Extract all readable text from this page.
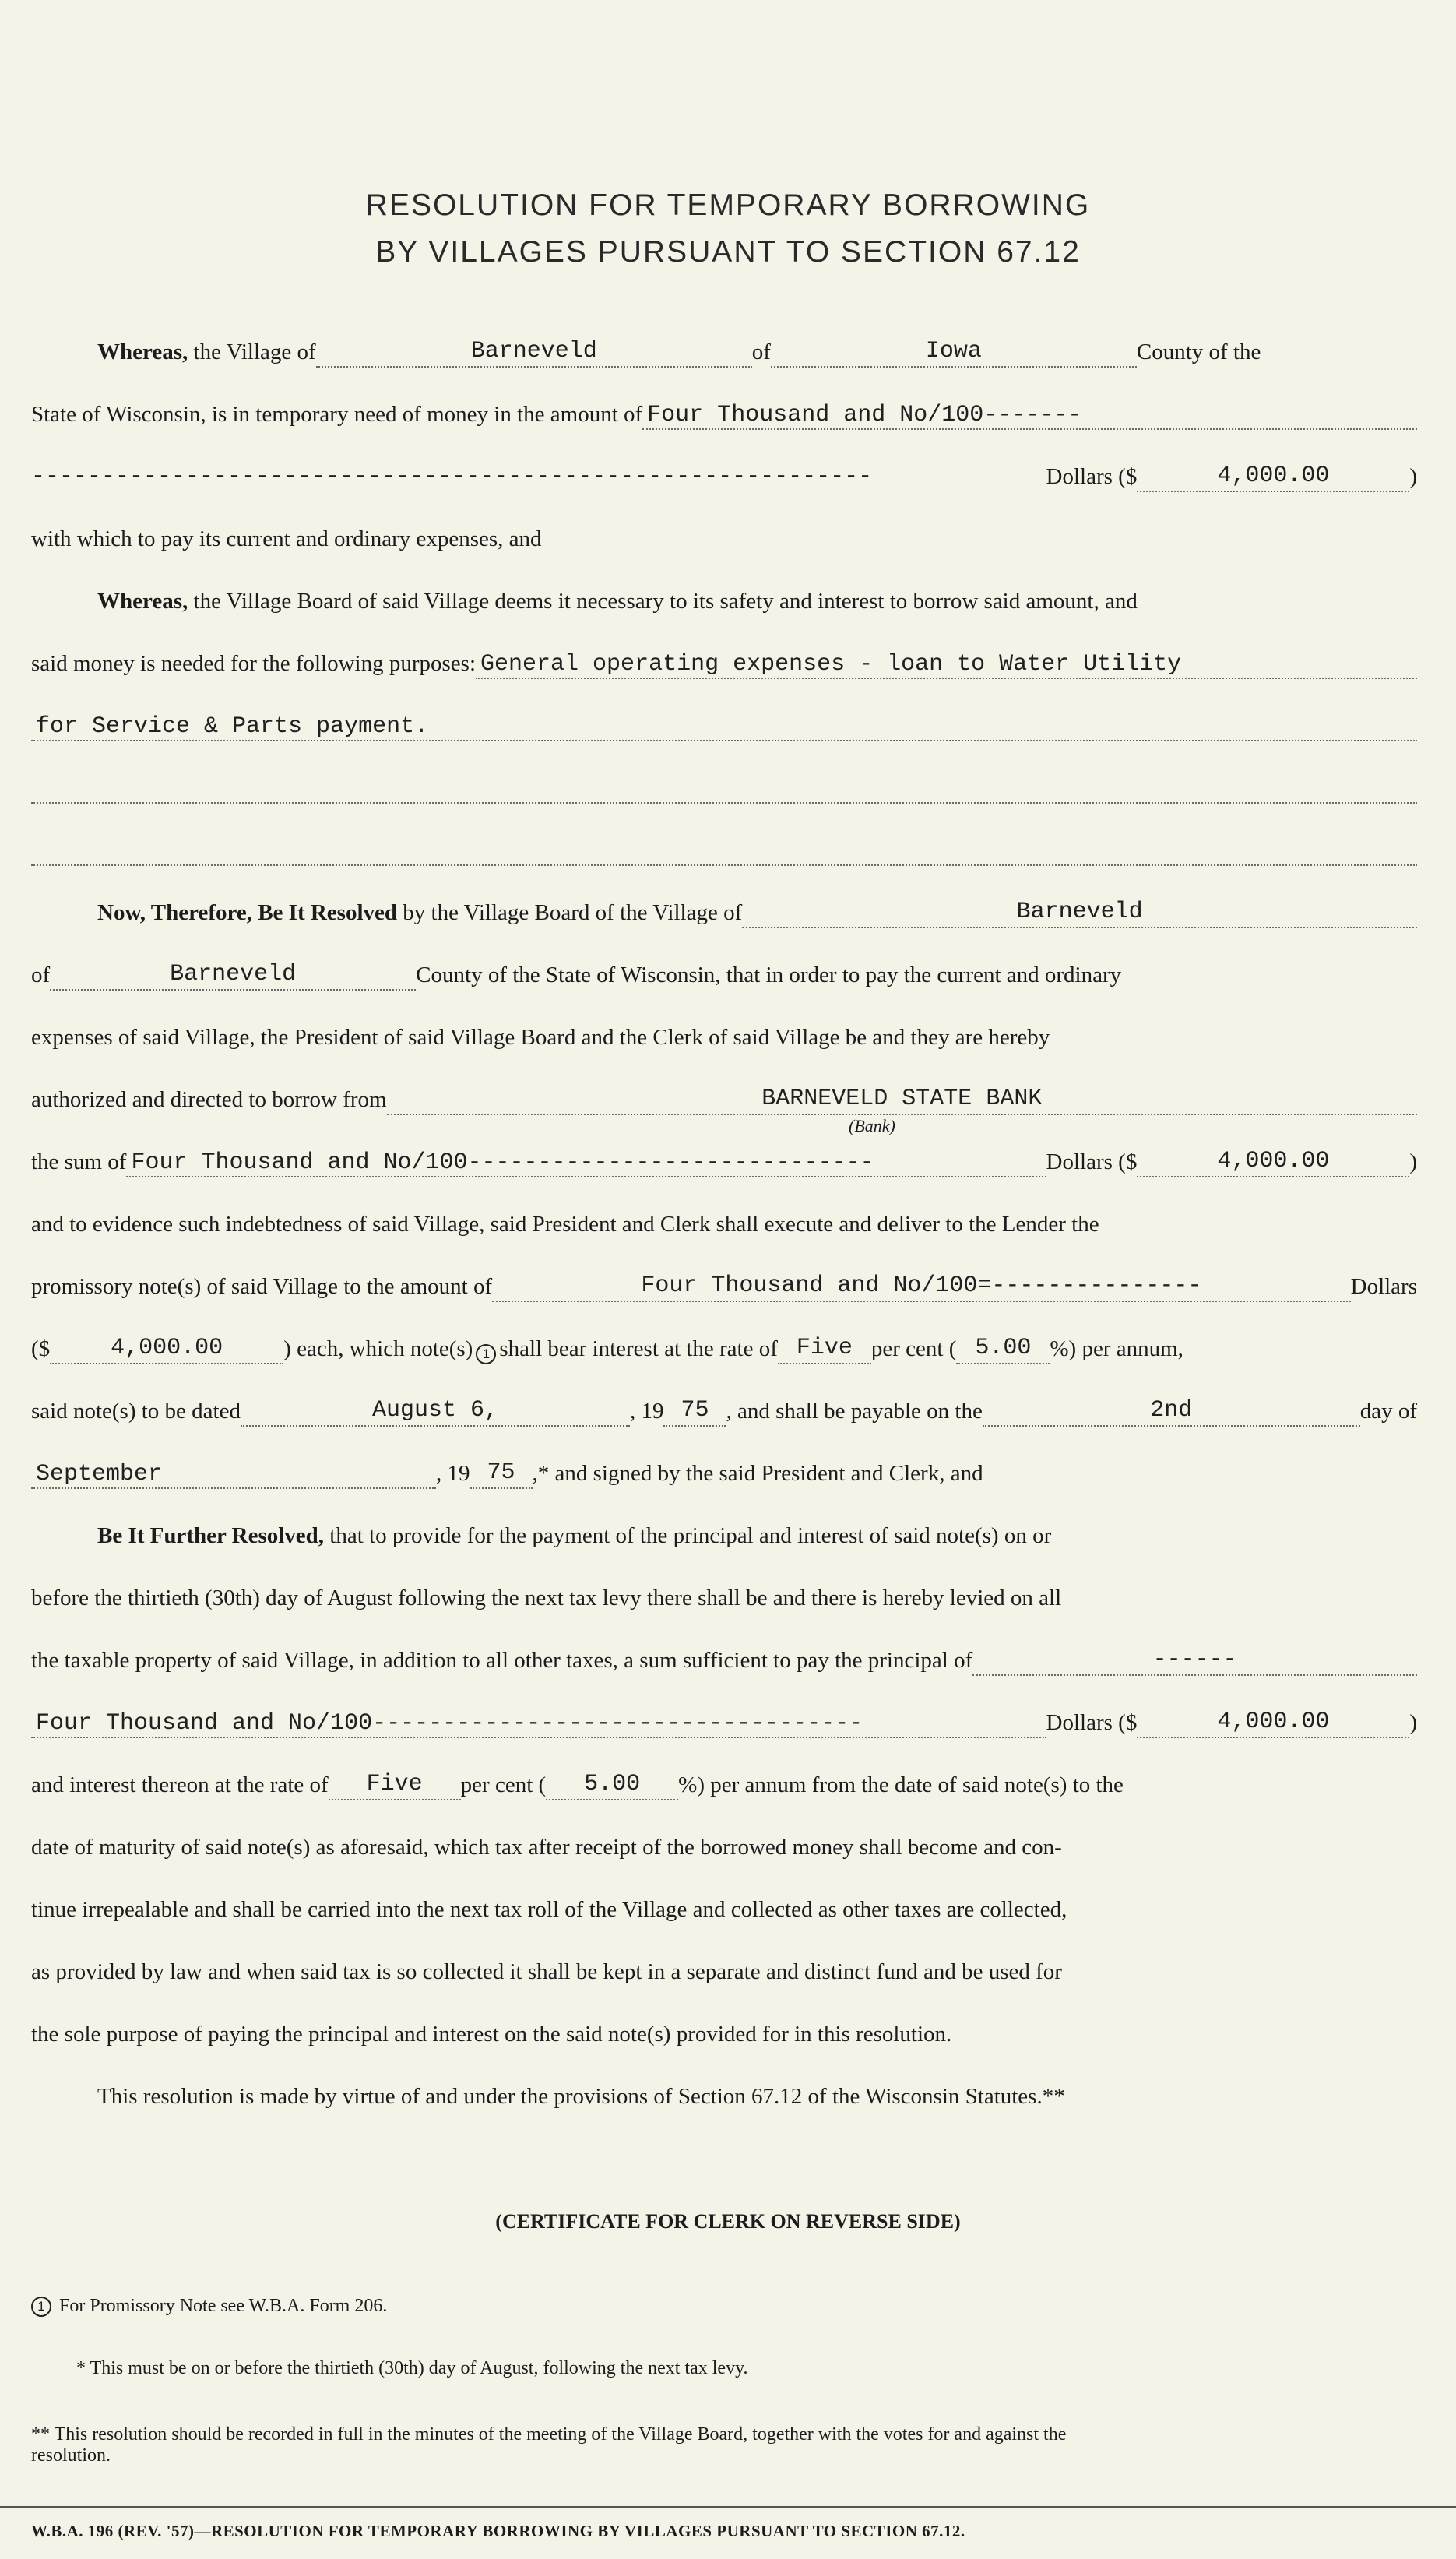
RESOLUTION FOR TEMPORARY BORROWING
BY VILLAGES PURSUANT TO SECTION 67.12
Whereas, the Village of	Barneveld	of	Iowa	County of the
State of Wisconsin, is in temporary need of money in the amount of Four Thousand and No/100-------
------------------------------------------------------------	Dollars ($	4,000.00	)
with which to pay its current and ordinary expenses, and
Whereas, the Village Board of said Village deems it necessary to its safety and interest to borrow said amount, and
said money is needed for the following purposes: General operating expenses - loan to Water Utility
for Service & Parts payment.
Now, Therefore, Be It Resolved by the Village Board of the Village of	Barneveld
of	Barneveld	County of the State of Wisconsin, that in order to pay the current and ordinary
expenses of said Village, the President of said Village Board and the Clerk of said Village be and they are hereby
authorized and directed to borrow from	BARNEVELD STATE BANK
(Bank)
the sum of Four Thousand and No/100-----------------------------	Dollars ($	4,000.00	)
and to evidence such indebtedness of said Village, said President and Clerk shall execute and deliver to the Lender the
promissory note(s) of said Village to the amount of	Four Thousand and No/100=---------------	Dollars
($	4,000.00	) each, which note(s) 1 shall bear interest at the rate of Five per cent ( 5.00 %) per annum,
said note(s) to be dated	August 6,	, 19 75 , and shall be payable on the	2nd	day of
September	, 19 75 ,* and signed by the said President and Clerk, and
Be It Further Resolved, that to provide for the payment of the principal and interest of said note(s) on or
before the thirtieth (30th) day of August following the next tax levy there shall be and there is hereby levied on all
the taxable property of said Village, in addition to all other taxes, a sum sufficient to pay the principal of	------
Four Thousand and No/100-----------------------------------	Dollars ($	4,000.00	)
and interest thereon at the rate of	Five	per cent (	5.00	%) per annum from the date of said note(s) to the
date of maturity of said note(s) as aforesaid, which tax after receipt of the borrowed money shall become and con-
tinue irrepealable and shall be carried into the next tax roll of the Village and collected as other taxes are collected,
as provided by law and when said tax is so collected it shall be kept in a separate and distinct fund and be used for
the sole purpose of paying the principal and interest on the said note(s) provided for in this resolution.
This resolution is made by virtue of and under the provisions of Section 67.12 of the Wisconsin Statutes.**
(CERTIFICATE FOR CLERK ON REVERSE SIDE)
1 For Promissory Note see W.B.A. Form 206.
* This must be on or before the thirtieth (30th) day of August, following the next tax levy.
** This resolution should be recorded in full in the minutes of the meeting of the Village Board, together with the votes for and against the
resolution.
W.B.A. 196 (REV. '57)—RESOLUTION FOR TEMPORARY BORROWING BY VILLAGES PURSUANT TO SECTION 67.12.
